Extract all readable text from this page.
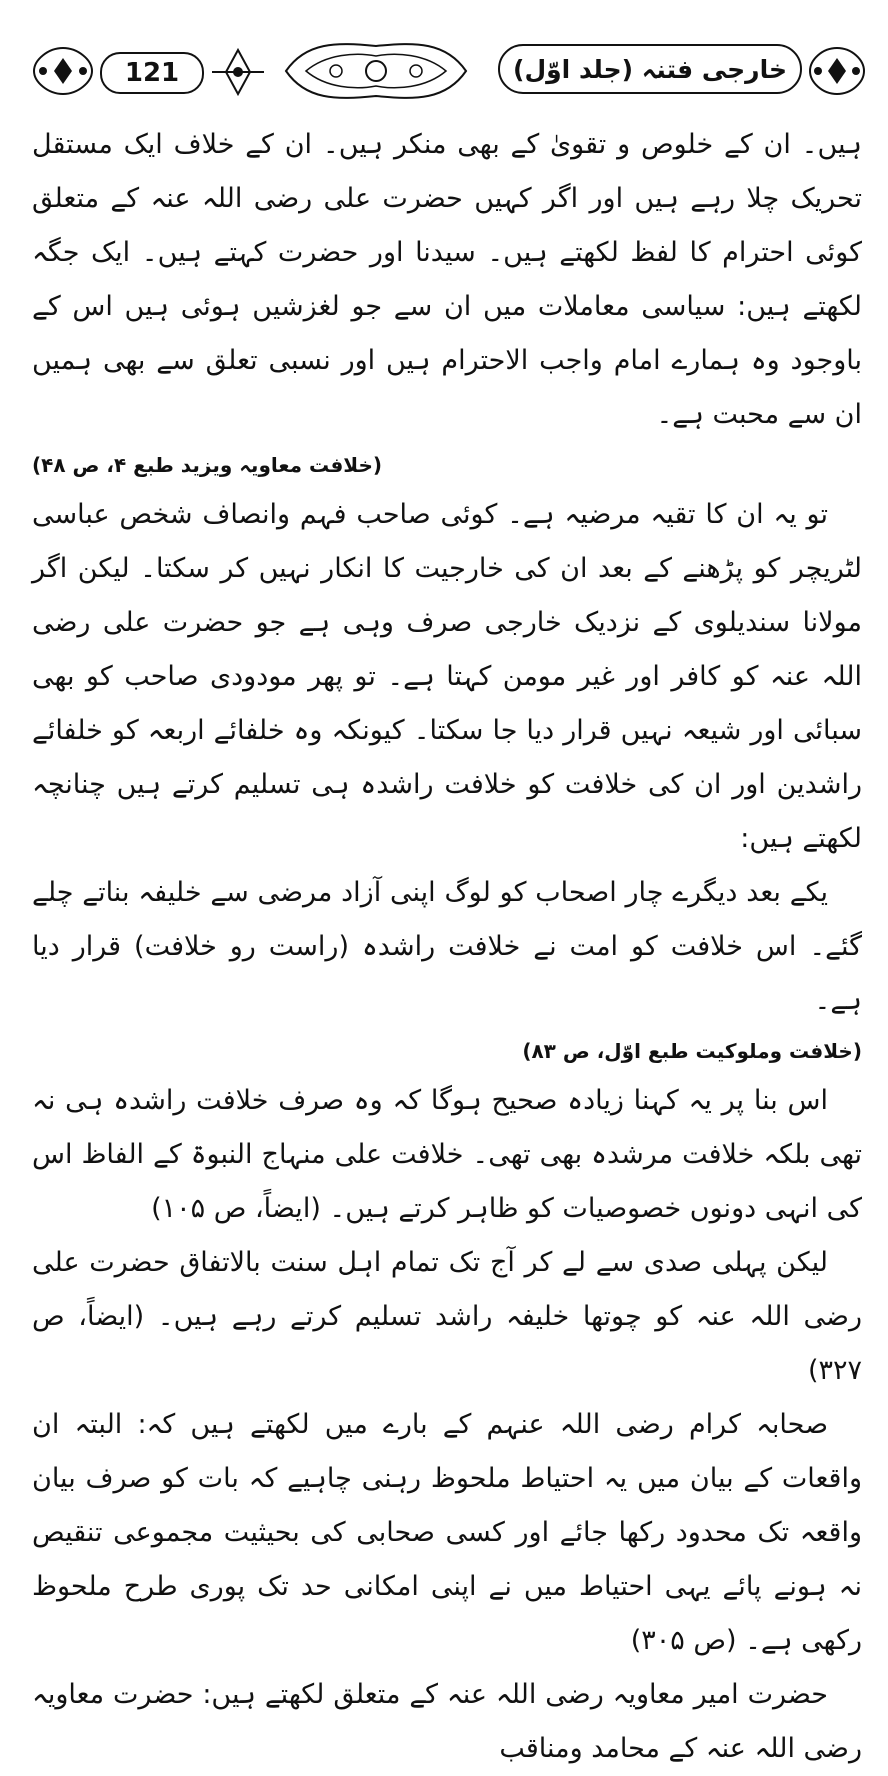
121	خارجی فتنہ (جلد اوّل)

ہیں۔ ان کے خلوص و تقویٰ کے بھی منکر ہیں۔ ان کے خلاف ایک مستقل تحریک چلا رہے ہیں اور اگر کہیں حضرت علی رضی اللہ عنہ کے متعلق کوئی احترام کا لفظ لکھتے ہیں۔ سیدنا اور حضرت کہتے ہیں۔ ایک جگہ لکھتے ہیں: سیاسی معاملات میں ان سے جو لغزشیں ہوئی ہیں اس کے باوجود وہ ہمارے امام واجب الاحترام ہیں اور نسبی تعلق سے بھی ہمیں ان سے محبت ہے۔

(خلافت معاویہ ویزید طبع ۴، ص ۴۸)

تو یہ ان کا تقیہ مرضیہ ہے۔ کوئی صاحب فہم وانصاف شخص عباسی لٹریچر کو پڑھنے کے بعد ان کی خارجیت کا انکار نہیں کر سکتا۔ لیکن اگر مولانا سندیلوی کے نزدیک خارجی صرف وہی ہے جو حضرت علی رضی اللہ عنہ کو کافر اور غیر مومن کہتا ہے۔ تو پھر مودودی صاحب کو بھی سبائی اور شیعہ نہیں قرار دیا جا سکتا۔ کیونکہ وہ خلفائے اربعہ کو خلفائے راشدین اور ان کی خلافت کو خلافت راشدہ ہی تسلیم کرتے ہیں چنانچہ لکھتے ہیں:

یکے بعد دیگرے چار اصحاب کو لوگ اپنی آزاد مرضی سے خلیفہ بناتے چلے گئے۔ اس خلافت کو امت نے خلافت راشدہ (راست رو خلافت) قرار دیا ہے۔

(خلافت وملوکیت طبع اوّل، ص ۸۳)

اس بنا پر یہ کہنا زیادہ صحیح ہوگا کہ وہ صرف خلافت راشدہ ہی نہ تھی بلکہ خلافت مرشدہ بھی تھی۔ خلافت علی منہاج النبوۃ کے الفاظ اس کی انہی دونوں خصوصیات کو ظاہر کرتے ہیں۔ (ایضاً، ص ۱۰۵)

لیکن پہلی صدی سے لے کر آج تک تمام اہل سنت بالاتفاق حضرت علی رضی اللہ عنہ کو چوتھا خلیفہ راشد تسلیم کرتے رہے ہیں۔ (ایضاً، ص ۳۲۷)

صحابہ کرام رضی اللہ عنہم کے بارے میں لکھتے ہیں کہ: البتہ ان واقعات کے بیان میں یہ احتیاط ملحوظ رہنی چاہیے کہ بات کو صرف بیان واقعہ تک محدود رکھا جائے اور کسی صحابی کی بحیثیت مجموعی تنقیص نہ ہونے پائے یہی احتیاط میں نے اپنی امکانی حد تک پوری طرح ملحوظ رکھی ہے۔ (ص ۳۰۵)

حضرت امیر معاویہ رضی اللہ عنہ کے متعلق لکھتے ہیں: حضرت معاویہ رضی اللہ عنہ کے محامد ومناقب
